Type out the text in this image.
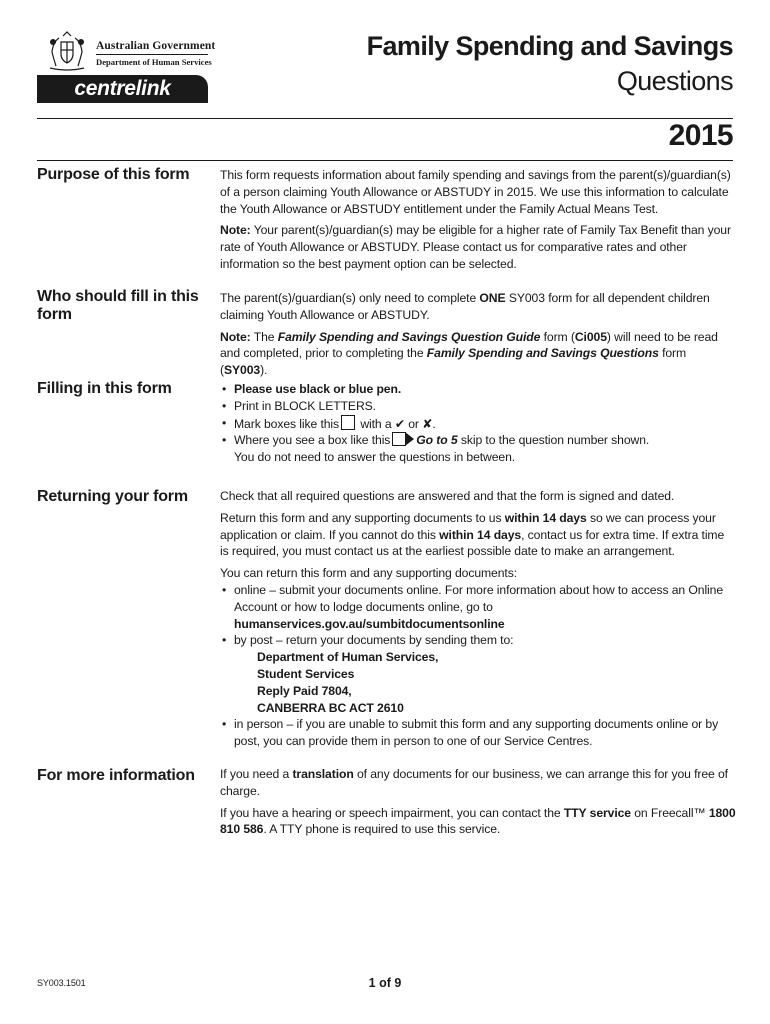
Australian Government
Department of Human Services
centrelink
Family Spending and Savings
Questions
2015
Purpose of this form	This form requests information about family spending and savings from the parent(s)/guardian(s) of a person claiming Youth Allowance or ABSTUDY in 2015. We use this information to calculate the Youth Allowance or ABSTUDY entitlement under the Family Actual Means Test.

Note: Your parent(s)/guardian(s) may be eligible for a higher rate of Family Tax Benefit than your rate of Youth Allowance or ABSTUDY. Please contact us for comparative rates and other information so the best payment option can be selected.

Who should fill in this form

The parent(s)/guardian(s) only need to complete ONE SY003 form for all dependent children claiming Youth Allowance or ABSTUDY.

Note: The Family Spending and Savings Question Guide form (Ci005) will need to be read and completed, prior to completing the Family Spending and Savings Questions form (SY003).

Filling in this form
•	Please use black or blue pen.
• Print in BLOCK LETTERS.
• Mark boxes like this with a ✔ or ✘.
• Where you see a box like this Go to 5 skip to the question number shown.
You do not need to answer the questions in between.
Returning your form	Check that all required questions are answered and that the form is signed and dated.

Return this form and any supporting documents to us within 14 days so we can process your application or claim. If you cannot do this within 14 days, contact us for extra time. If extra time is required, you must contact us at the earliest possible date to make an arrangement.

You can return this form and any supporting documents:

• online – submit your documents online. For more information about how to access an Online Account or how to lodge documents online, go to
humanservices.gov.au/sumbitdocumentsonline
• by post – return your documents by sending them to:
Department of Human Services,
Student Services
Reply Paid 7804,
CANBERRA BC ACT 2610
• in person – if you are unable to submit this form and any supporting documents online or by post, you can provide them in person to one of our Service Centres.
For more information	If you need a translation of any documents for our business, we can arrange this for you free of charge.

If you have a hearing or speech impairment, you can contact the TTY service on Freecall™ 1800 810 586. A TTY phone is required to use this service.

SY003.1501	1 of 9
